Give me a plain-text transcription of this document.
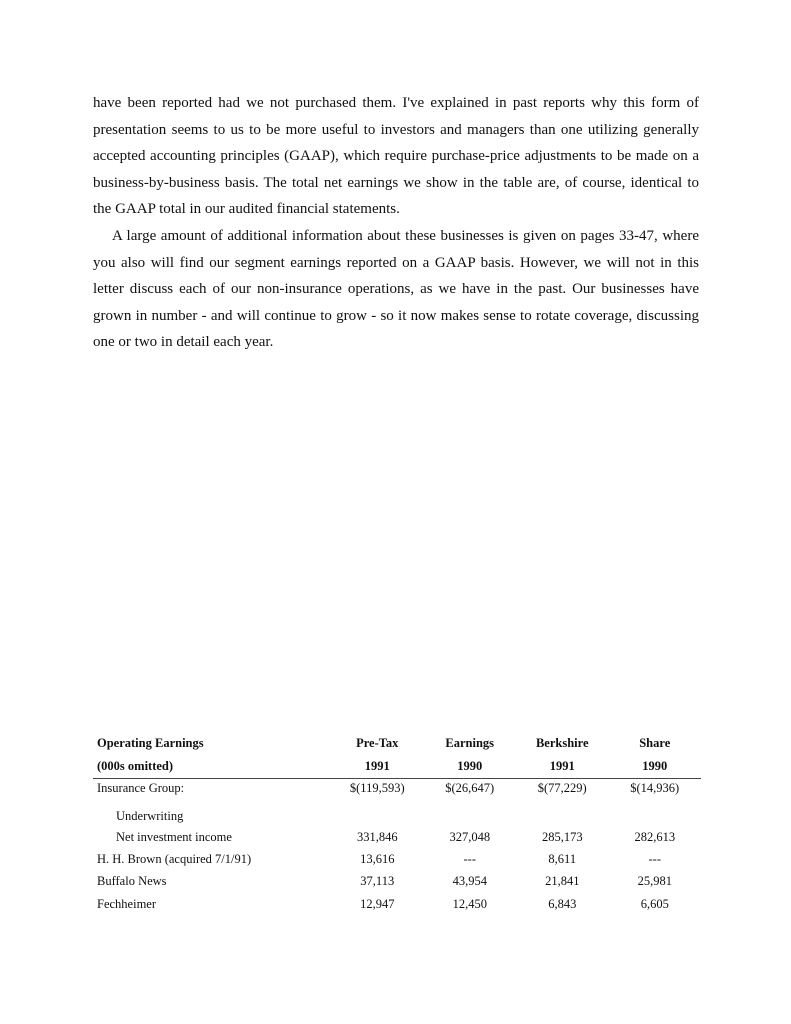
have been reported had we not purchased them. I've explained in past reports why this form of presentation seems to us to be more useful to investors and managers than one utilizing generally accepted accounting principles (GAAP), which require purchase-price adjustments to be made on a business-by-business basis. The total net earnings we show in the table are, of course, identical to the GAAP total in our audited financial statements.

A large amount of additional information about these businesses is given on pages 33-47, where you also will find our segment earnings reported on a GAAP basis. However, we will not in this letter discuss each of our non-insurance operations, as we have in the past. Our businesses have grown in number - and will continue to grow - so it now makes sense to rotate coverage, discussing one or two in detail each year.

Operating Earnings	Pre-Tax	Earnings	Berkshire	Share
(000s omitted)	1991	1990	1991	1990
Insurance Group:	$(119,593)	$(26,647)	$(77,229)	$(14,936)
Underwriting				
Net investment income	331,846	327,048	285,173	282,613
H. H. Brown (acquired 7/1/91)	13,616	---	8,611	---
Buffalo News	37,113	43,954	21,841	25,981
Fechheimer	12,947	12,450	6,843	6,605
